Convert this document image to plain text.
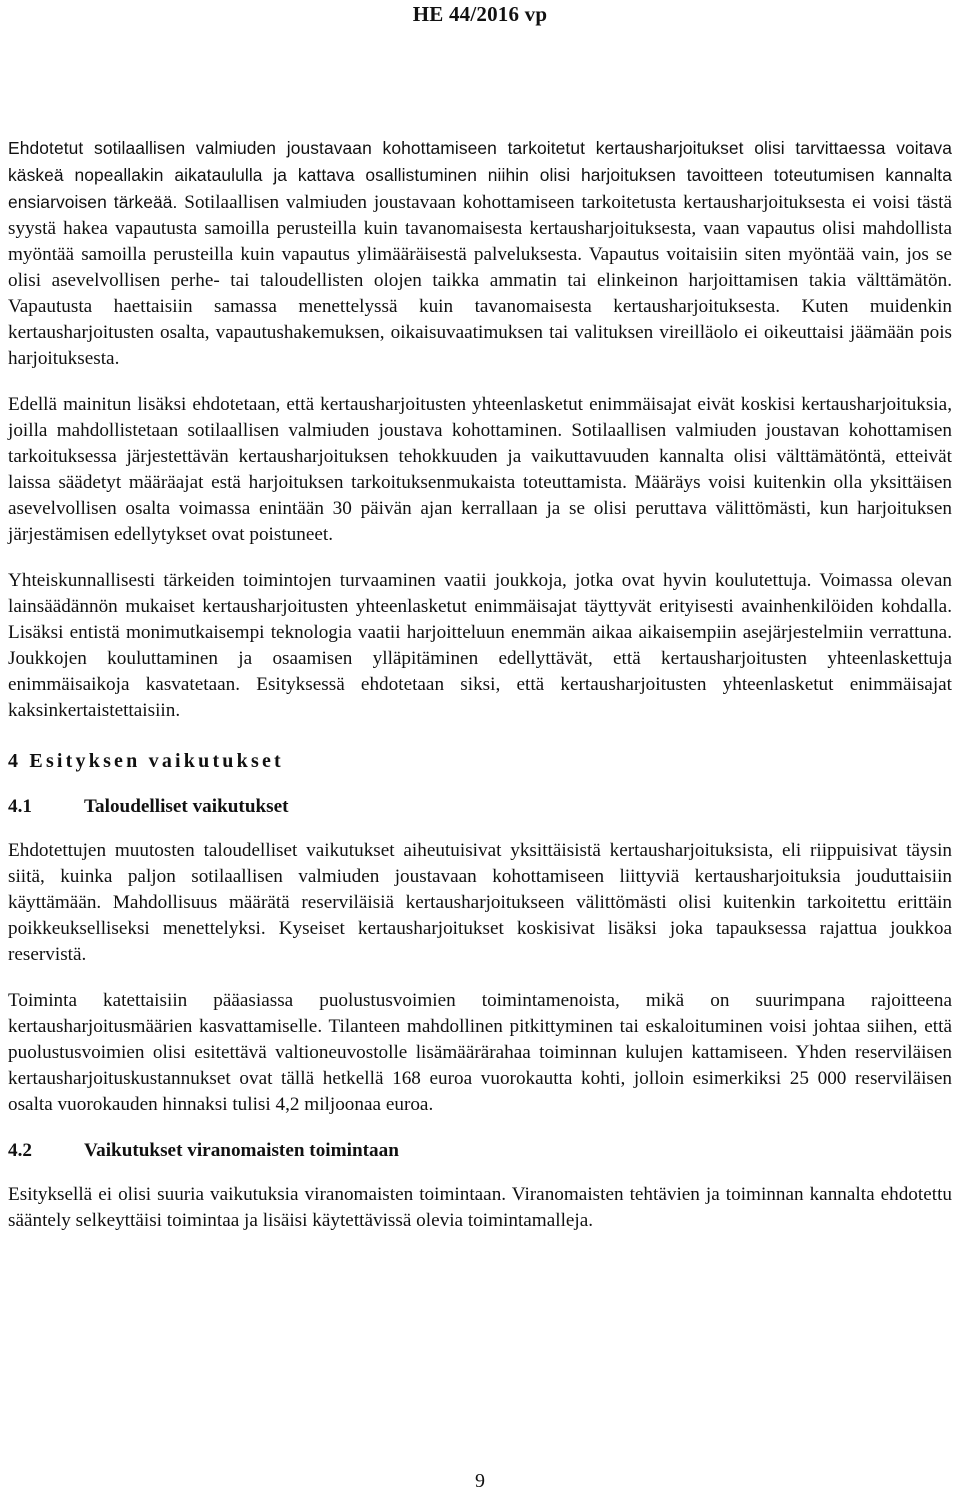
HE 44/2016 vp

Ehdotetut sotilaallisen valmiuden joustavaan kohottamiseen tarkoitetut kertausharjoitukset olisi tarvittaessa voitava käskeä nopeallakin aikataululla ja kattava osallistuminen niihin olisi harjoituksen tavoitteen toteutumisen kannalta ensiarvoisen tärkeää. Sotilaallisen valmiuden joustavaan kohottamiseen tarkoitetusta kertausharjoituksesta ei voisi tästä syystä hakea vapautusta samoilla perusteilla kuin tavanomaisesta kertausharjoituksesta, vaan vapautus olisi mahdollista myöntää samoilla perusteilla kuin vapautus ylimääräisestä palveluksesta. Vapautus voitaisiin siten myöntää vain, jos se olisi asevelvollisen perhe- tai taloudellisten olojen taikka ammatin tai elinkeinon harjoittamisen takia välttämätön. Vapautusta haettaisiin samassa menettelyssä kuin tavanomaisesta kertausharjoituksesta. Kuten muidenkin kertausharjoitusten osalta, vapautushakemuksen, oikaisuvaatimuksen tai valituksen vireilläolo ei oikeuttaisi jäämään pois harjoituksesta.

Edellä mainitun lisäksi ehdotetaan, että kertausharjoitusten yhteenlasketut enimmäisajat eivät koskisi kertausharjoituksia, joilla mahdollistetaan sotilaallisen valmiuden joustava kohottaminen. Sotilaallisen valmiuden joustavan kohottamisen tarkoituksessa järjestettävän kertausharjoituksen tehokkuuden ja vaikuttavuuden kannalta olisi välttämätöntä, etteivät laissa säädetyt määräajat estä harjoituksen tarkoituksenmukaista toteuttamista. Määräys voisi kuitenkin olla yksittäisen asevelvollisen osalta voimassa enintään 30 päivän ajan kerrallaan ja se olisi peruttava välittömästi, kun harjoituksen järjestämisen edellytykset ovat poistuneet.

Yhteiskunnallisesti tärkeiden toimintojen turvaaminen vaatii joukkoja, jotka ovat hyvin koulutettuja. Voimassa olevan lainsäädännön mukaiset kertausharjoitusten yhteenlasketut enimmäisajat täyttyvät erityisesti avainhenkilöiden kohdalla. Lisäksi entistä monimutkaisempi teknologia vaatii harjoitteluun enemmän aikaa aikaisempiin asejärjestelmiin verrattuna. Joukkojen kouluttaminen ja osaamisen ylläpitäminen edellyttävät, että kertausharjoitusten yhteenlaskettuja enimmäisaikoja kasvatetaan. Esityksessä ehdotetaan siksi, että kertausharjoitusten yhteenlasketut enimmäisajat kaksinkertaistettaisiin.

4 Esityksen vaikutukset
4.1	Taloudelliset vaikutukset

Ehdotettujen muutosten taloudelliset vaikutukset aiheutuisivat yksittäisistä kertausharjoituksista, eli riippuisivat täysin siitä, kuinka paljon sotilaallisen valmiuden joustavaan kohottamiseen liittyviä kertausharjoituksia jouduttaisiin käyttämään. Mahdollisuus määrätä reserviläisiä kertausharjoitukseen välittömästi olisi kuitenkin tarkoitettu erittäin poikkeukselliseksi menettelyksi. Kyseiset kertausharjoitukset koskisivat lisäksi joka tapauksessa rajattua joukkoa reservistä.

Toiminta katettaisiin pääasiassa puolustusvoimien toimintamenoista, mikä on suurimpana rajoitteena kertausharjoitusmäärien kasvattamiselle. Tilanteen mahdollinen pitkittyminen tai eskaloituminen voisi johtaa siihen, että puolustusvoimien olisi esitettävä valtioneuvostolle lisämäärärahaa toiminnan kulujen kattamiseen. Yhden reserviläisen kertausharjoituskustannukset ovat tällä hetkellä 168 euroa vuorokautta kohti, jolloin esimerkiksi 25 000 reserviläisen osalta vuorokauden hinnaksi tulisi 4,2 miljoonaa euroa.

4.2	Vaikutukset viranomaisten toimintaan

Esityksellä ei olisi suuria vaikutuksia viranomaisten toimintaan. Viranomaisten tehtävien ja toiminnan kannalta ehdotettu sääntely selkeyttäisi toimintaa ja lisäisi käytettävissä olevia toimintamalleja.

9
